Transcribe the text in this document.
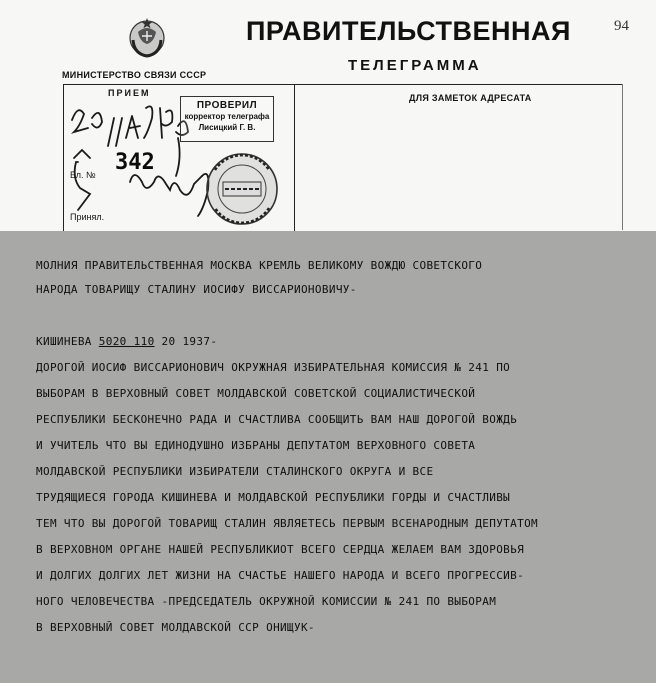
ПРАВИТЕЛЬСТВЕННАЯ
ТЕЛЕГРАММА
МИНИСТЕРСТВО СВЯЗИ СССР
94
ПРИЕМ
Бл. №
Принял.
ДЛЯ ЗАМЕТОК АДРЕСАТА
342
ПРОВЕРИЛ
корректор телеграфа
Лисицкий Г. В.
МОЛНИЯ ПРАВИТЕЛЬСТВЕННАЯ МОСКВА КРЕМЛЬ ВЕЛИКОМУ ВОЖДЮ СОВЕТСКОГО
НАРОДА ТОВАРИЩУ СТАЛИНУ ИОСИФУ ВИССАРИОНОВИЧУ-
КИШИНЕВА 5020 110 20 1937-
ДОРОГОЙ ИОСИФ ВИССАРИОНОВИЧ ОКРУЖНАЯ ИЗБИРАТЕЛЬНАЯ КОМИССИЯ № 241 ПО
ВЫБОРАМ В ВЕРХОВНЫЙ СОВЕТ МОЛДАВСКОЙ СОВЕТСКОЙ СОЦИАЛИСТИЧЕСКОЙ
РЕСПУБЛИКИ БЕСКОНЕЧНО РАДА И СЧАСТЛИВА СООБЩИТЬ ВАМ НАШ ДОРОГОЙ ВОЖДЬ
И УЧИТЕЛЬ ЧТО ВЫ ЕДИНОДУШНО ИЗБРАНЫ ДЕПУТАТОМ ВЕРХОВНОГО СОВЕТА
МОЛДАВСКОЙ РЕСПУБЛИКИ ИЗБИРАТЕЛИ СТАЛИНСКОГО ОКРУГА И ВСЕ
ТРУДЯЩИЕСЯ ГОРОДА КИШИНЕВА И МОЛДАВСКОЙ РЕСПУБЛИКИ ГОРДЫ И СЧАСТЛИВЫ
ТЕМ ЧТО ВЫ ДОРОГОЙ ТОВАРИЩ СТАЛИН ЯВЛЯЕТЕСЬ ПЕРВЫМ ВСЕНАРОДНЫМ ДЕПУТАТОМ
В ВЕРХОВНОМ ОРГАНЕ НАШЕЙ РЕСПУБЛИКИОТ ВСЕГО СЕРДЦА ЖЕЛАЕМ ВАМ ЗДОРОВЬЯ
И ДОЛГИХ ДОЛГИХ ЛЕТ ЖИЗНИ НА СЧАСТЬЕ НАШЕГО НАРОДА И ВСЕГО ПРОГРЕССИВ-
НОГО ЧЕЛОВЕЧЕСТВА -ПРЕДСЕДАТЕЛЬ ОКРУЖНОЙ КОМИССИИ № 241 ПО ВЫБОРАМ
В ВЕРХОВНЫЙ СОВЕТ МОЛДАВСКОЙ ССР ОНИЩУК-
